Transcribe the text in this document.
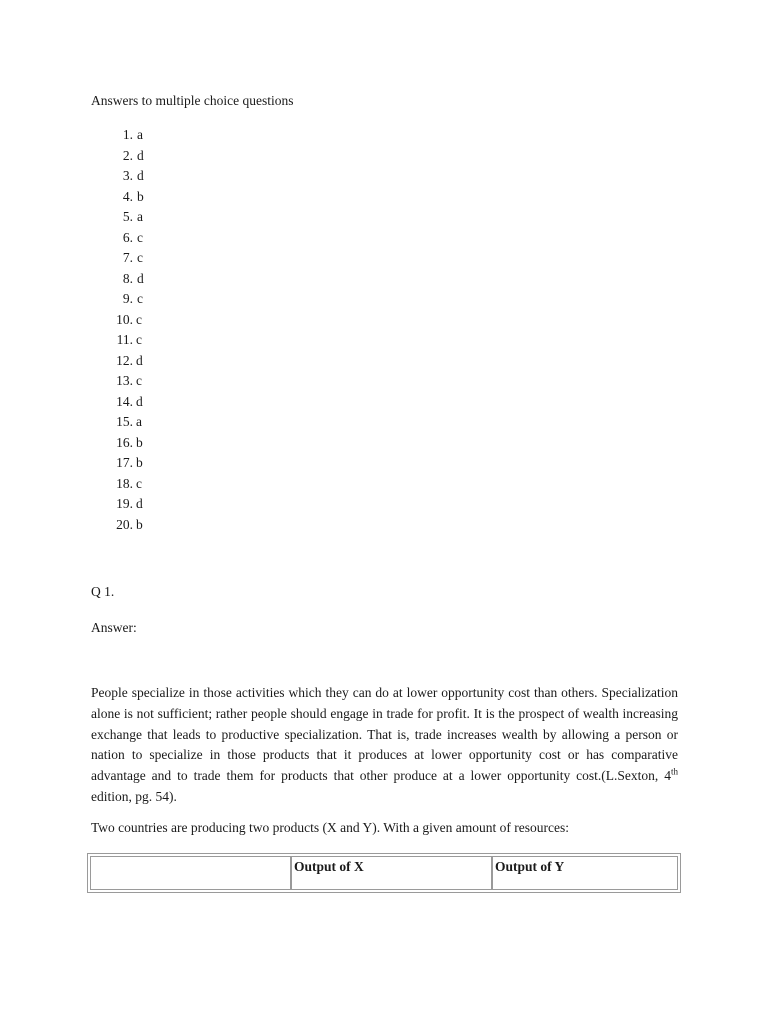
Answers to multiple choice questions
1. a
2. d
3. d
4. b
5. a
6. c
7. c
8. d
9. c
10. c
11. c
12. d
13. c
14. d
15. a
16. b
17. b
18. c
19. d
20. b
Q 1.
Answer:

People specialize in those activities which they can do at lower opportunity cost than others. Specialization alone is not sufficient; rather people should engage in trade for profit. It is the prospect of wealth increasing exchange that leads to productive specialization. That is, trade increases wealth by allowing a person or nation to specialize in those products that it produces at lower opportunity cost or has comparative advantage and to trade them for products that other produce at a lower opportunity cost.(L.Sexton, 4th edition, pg. 54).

Two countries are producing two products (X and Y). With a given amount of resources:
	Output of X	Output of Y
